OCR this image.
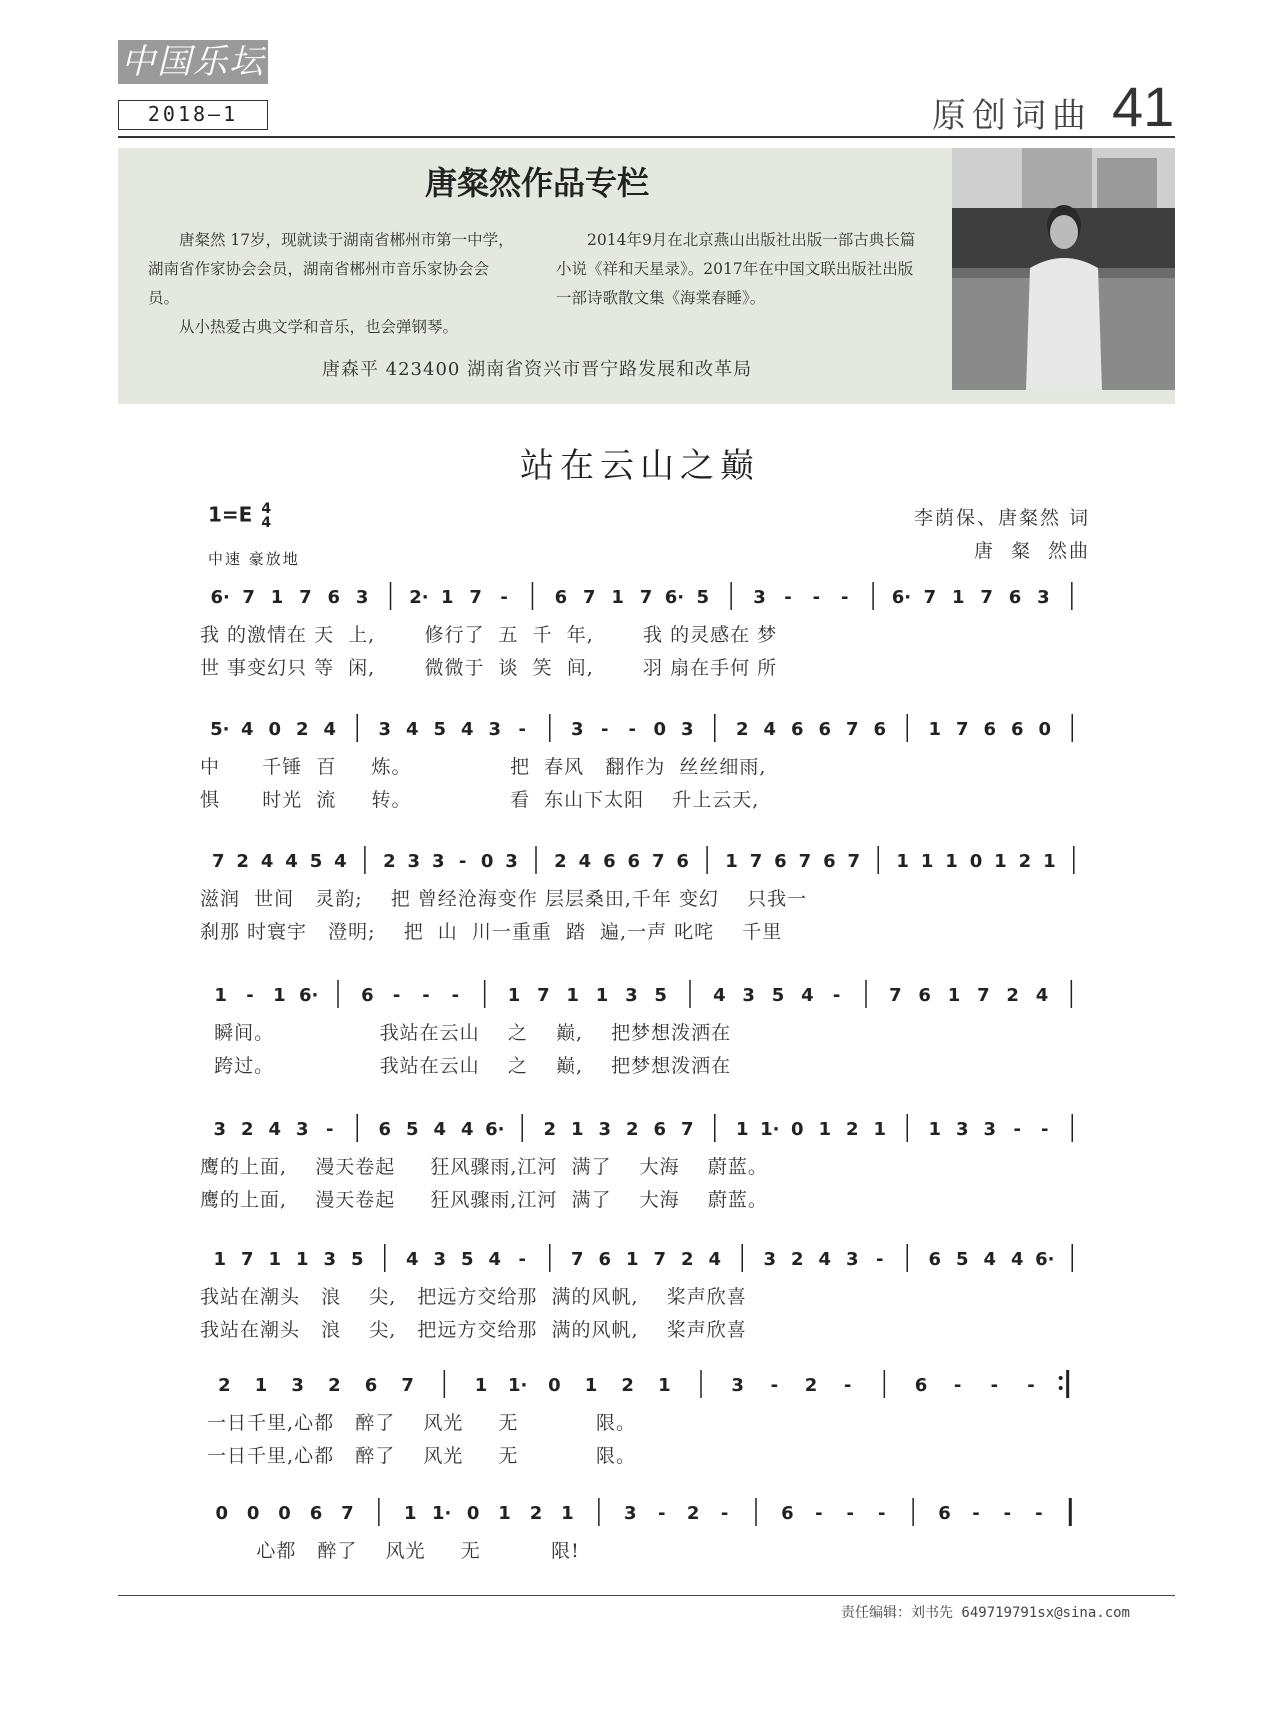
中国乐坛
2018—1	原创词曲 41
唐粲然作品专栏

唐粲然 17岁，现就读于湖南省郴州市第一中学，湖南省作家协会会员，湖南省郴州市音乐家协会会员。

从小热爱古典文学和音乐，也会弹钢琴。

2014年9月在北京燕山出版社出版一部古典长篇小说《祥和天星录》。2017年在中国文联出版社出版一部诗歌散文集《海棠春睡》。

唐森平 423400 湖南省资兴市晋宁路发展和改革局
站在云山之巅
1=E 4
4
中速 豪放地
李荫保、唐粲然 词
唐 粲 然曲
6· 7 1 7 6 3 2· 1 7 -	6 7 1 7 6· 5 3 - - - 6· 7 1 7 6 3
我 的激情在 天  上,       修行了  五  千  年,       我 的灵感在 梦
世 事变幻只 等  闲,       微微于  谈  笑  间,       羽 扇在手何 所
5· 4 0 2 4 3 4 5 4 3 - 3 - - 0 3 2 4 6 6 7 6 1 7 6 6 0
中      千锤  百     炼。              把  春风   翻作为  丝丝细雨,
惧      时光  流     转。              看  东山下太阳    升上云天,
7 2 4 4 5 4 2 3 3 - 0 3 2 4 6 6 7 6 1 7 6 7 6 7 1 1 1 0 1 2 1
滋润  世间   灵韵;    把 曾经沧海变作 层层桑田,千年 变幻    只我一
刹那 时寰宇   澄明;    把  山  川一重重  踏  遍,一声 叱咤    千里
1 - 1 6· 6 - - -	1 7 1 1 3 5	4 3 5 4 -	7 6 1 7 2 4
瞬间。               我站在云山    之    巅,    把梦想泼洒在
跨过。               我站在云山    之    巅,    把梦想泼洒在
3 2 4 3 - 6 5 4 4 6· 2 1 3 2 6 7 1 1· 0 1 2 1 1 3 3 - -
鹰的上面,    漫天卷起     狂风骤雨,江河  满了    大海    蔚蓝。
鹰的上面,    漫天卷起     狂风骤雨,江河  满了    大海    蔚蓝。
1 7 1 1 3 5 4 3 5 4 - 7 6 1 7 2 4 3 2 4 3 - 6 5 4 4 6·
我站在潮头   浪    尖,   把远方交给那  满的风帆,    桨声欣喜
我站在潮头   浪    尖,   把远方交给那  满的风帆,    桨声欣喜
2 1 3 2 6 7	1 1· 0 1 2 1	3 - 2 -	6 - - -
一日千里,心都   醉了    风光     无           限。
一日千里,心都   醉了    风光     无           限。
0 0 0 6 7	1 1· 0 1 2 1	3 - 2 -	6 - - -	6 - - -
心都   醉了    风光     无          限!
责任编辑：刘书先 649719791sx@sina.com
